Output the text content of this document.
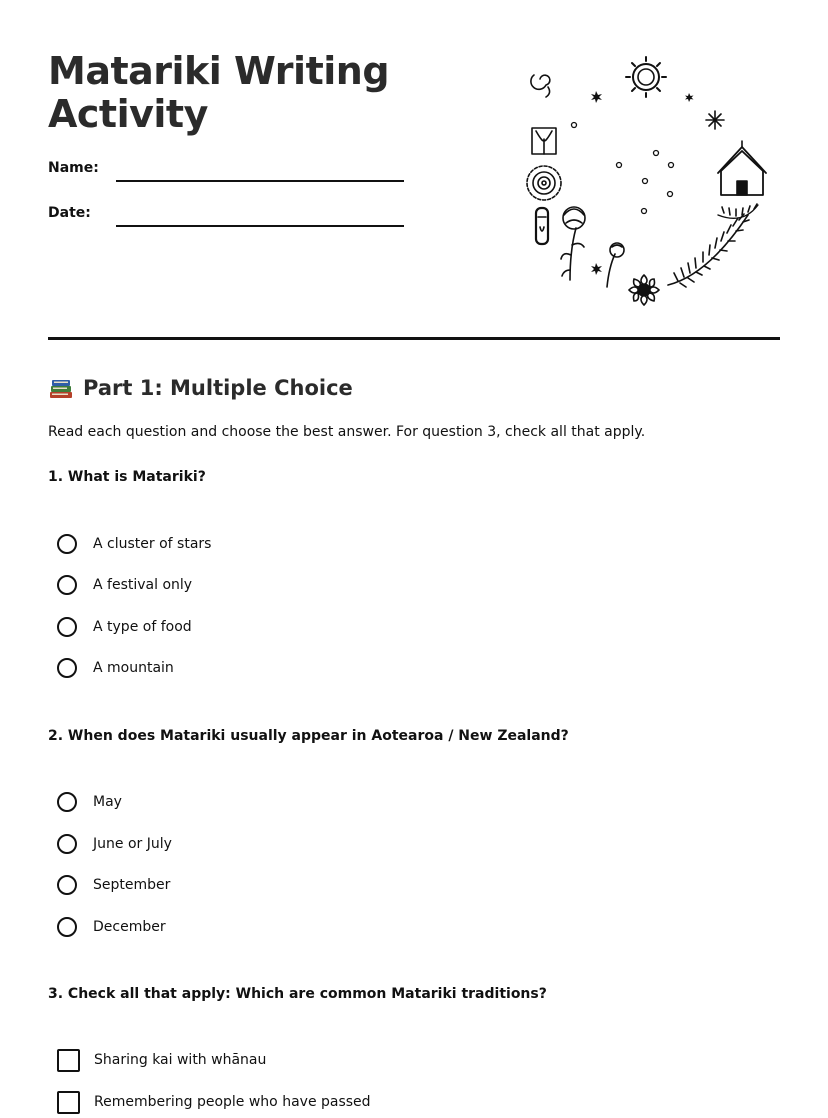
Matariki Writing Activity
Name:
Date:
Part 1: Multiple Choice

Read each question and choose the best answer. For question 3, check all that apply.

1. What is Matariki?

A cluster of stars
A festival only
A type of food
A mountain

2. When does Matariki usually appear in Aotearoa / New Zealand?

May
June or July
September
December

3. Check all that apply: Which are common Matariki traditions?

Sharing kai with whānau
Remembering people who have passed
